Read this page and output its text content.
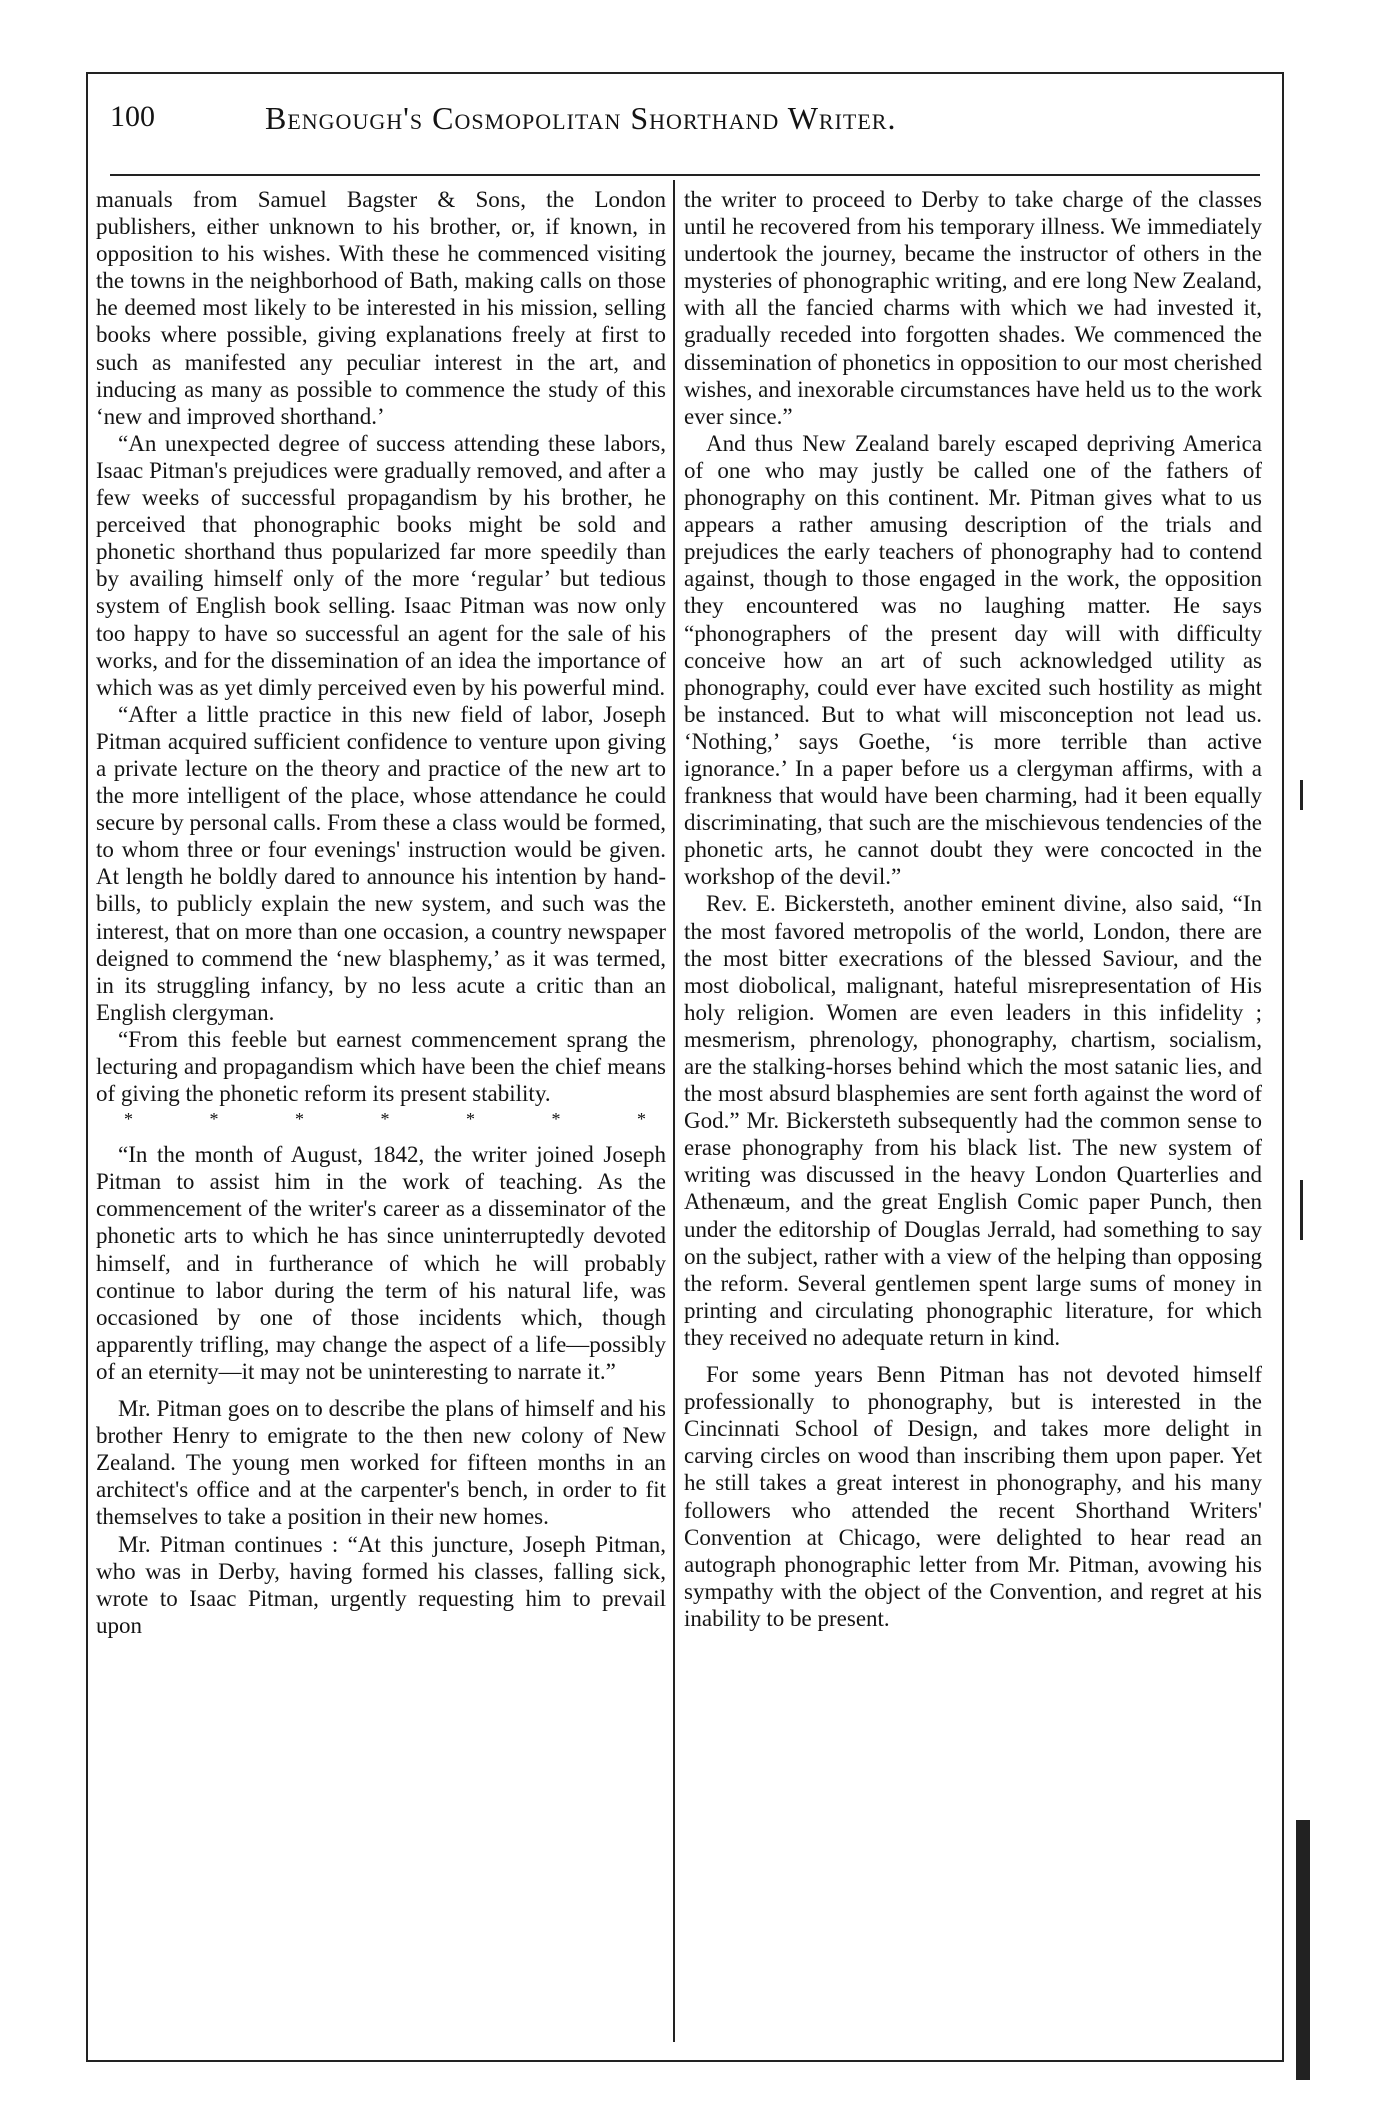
100	Bengough's Cosmopolitan Shorthand Writer.

manuals from Samuel Bagster & Sons, the London publishers, either unknown to his brother, or, if known, in opposition to his wishes. With these he commenced visiting the towns in the neighborhood of Bath, making calls on those he deemed most likely to be interested in his mission, selling books where possible, giving explanations freely at first to such as manifested any peculiar interest in the art, and inducing as many as possible to commence the study of this ‘new and improved shorthand.’

“An unexpected degree of success attending these labors, Isaac Pitman's prejudices were gradually removed, and after a few weeks of successful propagandism by his brother, he perceived that phonographic books might be sold and phonetic shorthand thus popularized far more speedily than by availing himself only of the more ‘regular’ but tedious system of English book selling. Isaac Pitman was now only too happy to have so successful an agent for the sale of his works, and for the dissemination of an idea the importance of which was as yet dimly perceived even by his powerful mind.

“After a little practice in this new field of labor, Joseph Pitman acquired sufficient confidence to venture upon giving a private lecture on the theory and practice of the new art to the more intelligent of the place, whose attendance he could secure by personal calls. From these a class would be formed, to whom three or four evenings' instruction would be given. At length he boldly dared to announce his intention by hand-bills, to publicly explain the new system, and such was the interest, that on more than one occasion, a country newspaper deigned to commend the ‘new blasphemy,’ as it was termed, in its struggling infancy, by no less acute a critic than an English clergyman.

“From this feeble but earnest commencement sprang the lecturing and propagandism which have been the chief means of giving the phonetic reform its present stability.

*	*	*	*	*	*	*

“In the month of August, 1842, the writer joined Joseph Pitman to assist him in the work of teaching. As the commencement of the writer's career as a disseminator of the phonetic arts to which he has since uninterruptedly devoted himself, and in furtherance of which he will probably continue to labor during the term of his natural life, was occasioned by one of those incidents which, though apparently trifling, may change the aspect of a life—possibly of an eternity—it may not be uninteresting to narrate it.”

Mr. Pitman goes on to describe the plans of himself and his brother Henry to emigrate to the then new colony of New Zealand. The young men worked for fifteen months in an architect's office and at the carpenter's bench, in order to fit themselves to take a position in their new homes.

Mr. Pitman continues : “At this juncture, Joseph Pitman, who was in Derby, having formed his classes, falling sick, wrote to Isaac Pitman, urgently requesting him to prevail upon

the writer to proceed to Derby to take charge of the classes until he recovered from his temporary illness. We immediately undertook the journey, became the instructor of others in the mysteries of phonographic writing, and ere long New Zealand, with all the fancied charms with which we had invested it, gradually receded into forgotten shades. We commenced the dissemination of phonetics in opposition to our most cherished wishes, and inexorable circumstances have held us to the work ever since.”

And thus New Zealand barely escaped depriving America of one who may justly be called one of the fathers of phonography on this continent. Mr. Pitman gives what to us appears a rather amusing description of the trials and prejudices the early teachers of phonography had to contend against, though to those engaged in the work, the opposition they encountered was no laughing matter. He says “phonographers of the present day will with difficulty conceive how an art of such acknowledged utility as phonography, could ever have excited such hostility as might be instanced. But to what will misconception not lead us. ‘Nothing,’ says Goethe, ‘is more terrible than active ignorance.’ In a paper before us a clergyman affirms, with a frankness that would have been charming, had it been equally discriminating, that such are the mischievous tendencies of the phonetic arts, he cannot doubt they were concocted in the workshop of the devil.”

Rev. E. Bickersteth, another eminent divine, also said, “In the most favored metropolis of the world, London, there are the most bitter execrations of the blessed Saviour, and the most diobolical, malignant, hateful misrepresentation of His holy religion. Women are even leaders in this infidelity ; mesmerism, phrenology, phonography, chartism, socialism, are the stalking-horses behind which the most satanic lies, and the most absurd blasphemies are sent forth against the word of God.” Mr. Bickersteth subsequently had the common sense to erase phonography from his black list. The new system of writing was discussed in the heavy London Quarterlies and Athenæum, and the great English Comic paper Punch, then under the editorship of Douglas Jerrald, had something to say on the subject, rather with a view of the helping than opposing the reform. Several gentlemen spent large sums of money in printing and circulating phonographic literature, for which they received no adequate return in kind.

For some years Benn Pitman has not devoted himself professionally to phonography, but is interested in the Cincinnati School of Design, and takes more delight in carving circles on wood than inscribing them upon paper. Yet he still takes a great interest in phonography, and his many followers who attended the recent Shorthand Writers' Convention at Chicago, were delighted to hear read an autograph phonographic letter from Mr. Pitman, avowing his sympathy with the object of the Convention, and regret at his inability to be present.
